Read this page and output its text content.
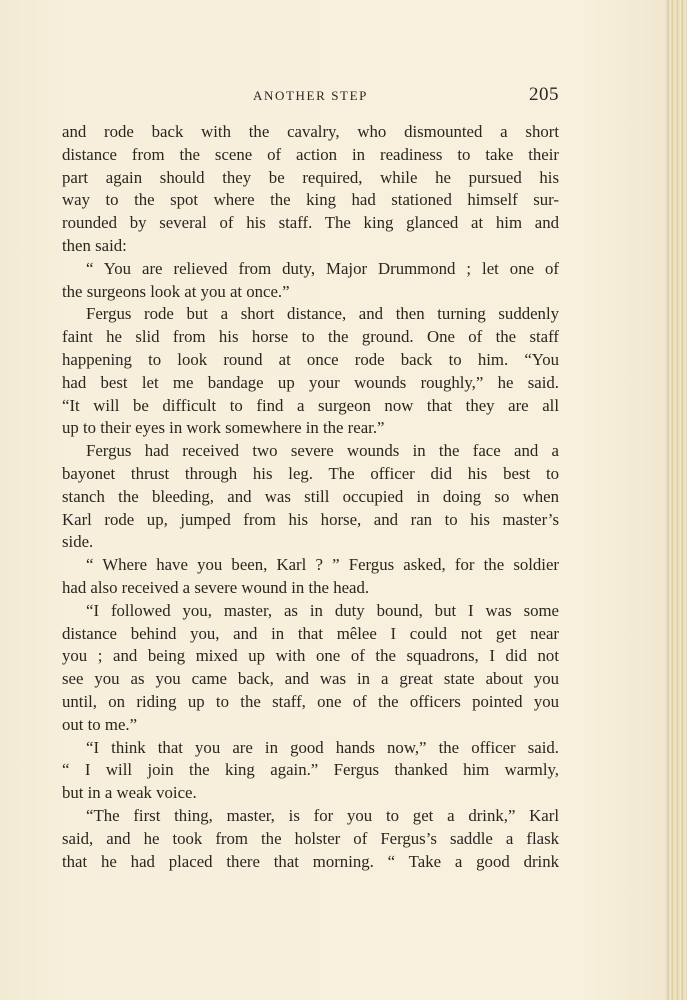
ANOTHER STEP	205
and rode back with the cavalry, who dismounted a short
distance from the scene of action in readiness to take their
part again should they be required, while he pursued his
way to the spot where the king had stationed himself sur-
rounded by several of his staff. The king glanced at him and
then said:
“ You are relieved from duty, Major Drummond ; let one of
the surgeons look at you at once.”
Fergus rode but a short distance, and then turning suddenly
faint he slid from his horse to the ground. One of the staff
happening to look round at once rode back to him. “You
had best let me bandage up your wounds roughly,” he said.
“It will be difficult to find a surgeon now that they are all
up to their eyes in work somewhere in the rear.”
Fergus had received two severe wounds in the face and a
bayonet thrust through his leg. The officer did his best to
stanch the bleeding, and was still occupied in doing so when
Karl rode up, jumped from his horse, and ran to his master’s
side.
“ Where have you been, Karl ? ” Fergus asked, for the soldier
had also received a severe wound in the head.
“I followed you, master, as in duty bound, but I was some
distance behind you, and in that mêlee I could not get near
you ; and being mixed up with one of the squadrons, I did not
see you as you came back, and was in a great state about you
until, on riding up to the staff, one of the officers pointed you
out to me.”
“I think that you are in good hands now,” the officer said.
“ I will join the king again.” Fergus thanked him warmly,
but in a weak voice.
“The first thing, master, is for you to get a drink,” Karl
said, and he took from the holster of Fergus’s saddle a flask
that he had placed there that morning. “ Take a good drink
